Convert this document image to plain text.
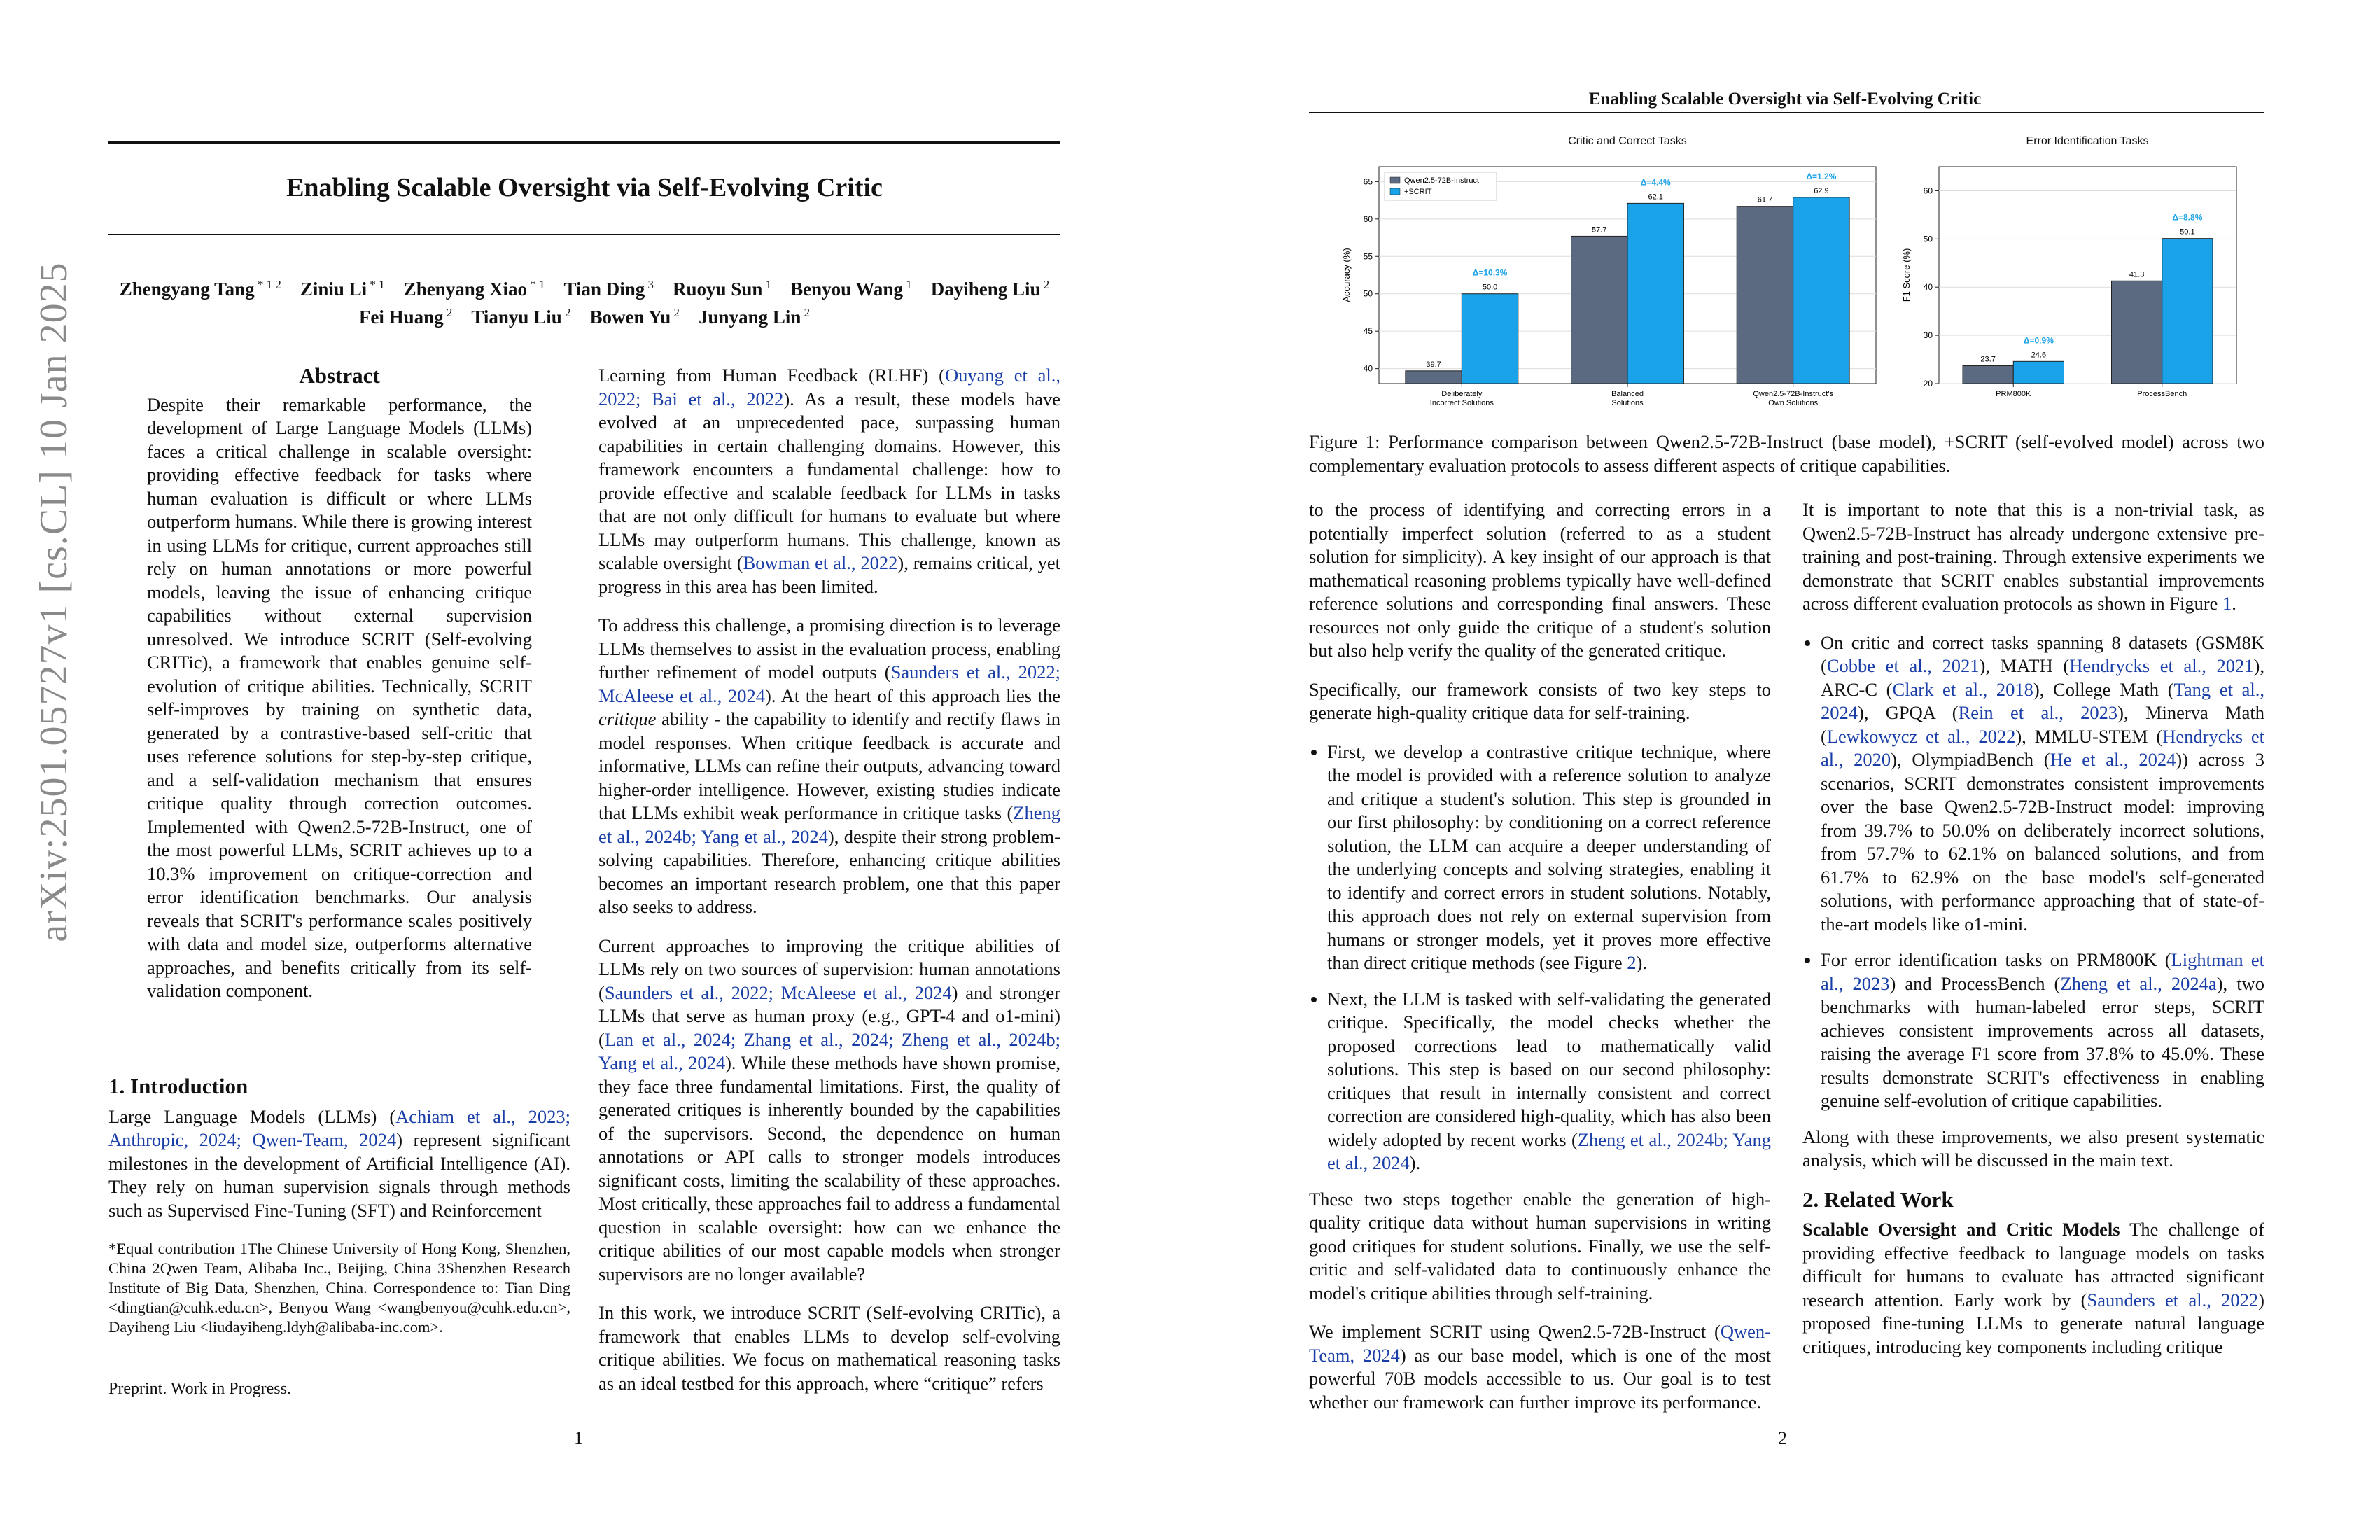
arXiv:2501.05727v1 [cs.CL] 10 Jan 2025
Enabling Scalable Oversight via Self-Evolving Critic
Zhengyang Tang $^{* 1 2}$  Ziniu Li $^{* 1}$  Zhenyang Xiao $^{* 1}$  Tian Ding $^3$  Ruoyu Sun $^1$  Benyou Wang $^1$  Dayiheng Liu $^2$
Fei Huang $^2$  Tianyu Liu $^2$  Bowen Yu $^2$  Junyang Lin $^2$
Abstract
Despite their remarkable performance, the development of Large Language Models (LLMs) faces a critical challenge in scalable oversight: providing effective feedback for tasks where human evaluation is difficult or where LLMs outperform humans. While there is growing interest in using LLMs for critique, current approaches still rely on human annotations or more powerful models, leaving the issue of enhancing critique capabilities without external supervision unresolved. We introduce SCRIT (Self-evolving CRITic), a framework that enables genuine self-evolution of critique abilities. Technically, SCRIT self-improves by training on synthetic data, generated by a contrastive-based self-critic that uses reference solutions for step-by-step critique, and a self-validation mechanism that ensures critique quality through correction outcomes. Implemented with Qwen2.5-72B-Instruct, one of the most powerful LLMs, SCRIT achieves up to a 10.3% improvement on critique-correction and error identification benchmarks. Our analysis reveals that SCRIT's performance scales positively with data and model size, outperforms alternative approaches, and benefits critically from its self-validation component.
1. Introduction

Large Language Models (LLMs) (Achiam et al., 2023; Anthropic, 2024; Qwen-Team, 2024) represent significant milestones in the development of Artificial Intelligence (AI). They rely on human supervision signals through methods such as Supervised Fine-Tuning (SFT) and Reinforcement

*Equal contribution 1The Chinese University of Hong Kong, Shenzhen, China 2Qwen Team, Alibaba Inc., Beijing, China 3Shenzhen Research Institute of Big Data, Shenzhen, China. Correspondence to: Tian Ding <dingtian@cuhk.edu.cn>, Benyou Wang <wangbenyou@cuhk.edu.cn>, Dayiheng Liu <liudayiheng.ldyh@alibaba-inc.com>.
Preprint. Work in Progress.

Learning from Human Feedback (RLHF) (Ouyang et al., 2022; Bai et al., 2022). As a result, these models have evolved at an unprecedented pace, surpassing human capabilities in certain challenging domains. However, this framework encounters a fundamental challenge: how to provide effective and scalable feedback for LLMs in tasks that are not only difficult for humans to evaluate but where LLMs may outperform humans. This challenge, known as scalable oversight (Bowman et al., 2022), remains critical, yet progress in this area has been limited.

To address this challenge, a promising direction is to leverage LLMs themselves to assist in the evaluation process, enabling further refinement of model outputs (Saunders et al., 2022; McAleese et al., 2024). At the heart of this approach lies the critique ability - the capability to identify and rectify flaws in model responses. When critique feedback is accurate and informative, LLMs can refine their outputs, advancing toward higher-order intelligence. However, existing studies indicate that LLMs exhibit weak performance in critique tasks (Zheng et al., 2024b; Yang et al., 2024), despite their strong problem-solving capabilities. Therefore, enhancing critique abilities becomes an important research problem, one that this paper also seeks to address.

Current approaches to improving the critique abilities of LLMs rely on two sources of supervision: human annotations (Saunders et al., 2022; McAleese et al., 2024) and stronger LLMs that serve as human proxy (e.g., GPT-4 and o1-mini) (Lan et al., 2024; Zhang et al., 2024; Zheng et al., 2024b; Yang et al., 2024). While these methods have shown promise, they face three fundamental limitations. First, the quality of generated critiques is inherently bounded by the capabilities of the supervisors. Second, the dependence on human annotations or API calls to stronger models introduces significant costs, limiting the scalability of these approaches. Most critically, these approaches fail to address a fundamental question in scalable oversight: how can we enhance the critique abilities of our most capable models when stronger supervisors are no longer available?

In this work, we introduce SCRIT (Self-evolving CRITic), a framework that enables LLMs to develop self-evolving critique abilities. We focus on mathematical reasoning tasks as an ideal testbed for this approach, where “critique” refers

1
Enabling Scalable Oversight via Self-Evolving Critic
Critic and Correct Tasks
40
45
50
55
60
65
Accuracy (%)
39.7
50.0
Δ=10.3%
Deliberately
Incorrect Solutions
57.7
62.1
Δ=4.4%
Balanced
Solutions
61.7
62.9
Δ=1.2%
Qwen2.5-72B-Instruct's
Own Solutions
Qwen2.5-72B-Instruct
+SCRIT
Error Identification Tasks
20
30
40
50
60
F1 Score (%)
23.7
24.6
Δ=0.9%
PRM800K
41.3
50.1
Δ=8.8%
ProcessBench
Figure 1: Performance comparison between Qwen2.5-72B-Instruct (base model), +SCRIT (self-evolved model) across two complementary evaluation protocols to assess different aspects of critique capabilities.

to the process of identifying and correcting errors in a potentially imperfect solution (referred to as a student solution for simplicity). A key insight of our approach is that mathematical reasoning problems typically have well-defined reference solutions and corresponding final answers. These resources not only guide the critique of a student's solution but also help verify the quality of the generated critique.

Specifically, our framework consists of two key steps to generate high-quality critique data for self-training.

• First, we develop a contrastive critique technique, where the model is provided with a reference solution to analyze and critique a student's solution. This step is grounded in our first philosophy: by conditioning on a correct reference solution, the LLM can acquire a deeper understanding of the underlying concepts and solving strategies, enabling it to identify and correct errors in student solutions. Notably, this approach does not rely on external supervision from humans or stronger models, yet it proves more effective than direct critique methods (see Figure 2).
• Next, the LLM is tasked with self-validating the generated critique. Specifically, the model checks whether the proposed corrections lead to mathematically valid solutions. This step is based on our second philosophy: critiques that result in internally consistent and correct correction are considered high-quality, which has also been widely adopted by recent works (Zheng et al., 2024b; Yang et al., 2024).

These two steps together enable the generation of high-quality critique data without human supervisions in writing good critiques for student solutions. Finally, we use the self-critic and self-validated data to continuously enhance the model's critique abilities through self-training.

We implement SCRIT using Qwen2.5-72B-Instruct (Qwen-Team, 2024) as our base model, which is one of the most powerful 70B models accessible to us. Our goal is to test whether our framework can further improve its performance.

It is important to note that this is a non-trivial task, as Qwen2.5-72B-Instruct has already undergone extensive pre-training and post-training. Through extensive experiments we demonstrate that SCRIT enables substantial improvements across different evaluation protocols as shown in Figure 1.

• On critic and correct tasks spanning 8 datasets (GSM8K (Cobbe et al., 2021), MATH (Hendrycks et al., 2021), ARC-C (Clark et al., 2018), College Math (Tang et al., 2024), GPQA (Rein et al., 2023), Minerva Math (Lewkowycz et al., 2022), MMLU-STEM (Hendrycks et al., 2020), OlympiadBench (He et al., 2024)) across 3 scenarios, SCRIT demonstrates consistent improvements over the base Qwen2.5-72B-Instruct model: improving from 39.7% to 50.0% on deliberately incorrect solutions, from 57.7% to 62.1% on balanced solutions, and from 61.7% to 62.9% on the base model's self-generated solutions, with performance approaching that of state-of-the-art models like o1-mini.
• For error identification tasks on PRM800K (Lightman et al., 2023) and ProcessBench (Zheng et al., 2024a), two benchmarks with human-labeled error steps, SCRIT achieves consistent improvements across all datasets, raising the average F1 score from 37.8% to 45.0%. These results demonstrate SCRIT's effectiveness in enabling genuine self-evolution of critique capabilities.

Along with these improvements, we also present systematic analysis, which will be discussed in the main text.

2. Related Work

Scalable Oversight and Critic Models The challenge of providing effective feedback to language models on tasks difficult for humans to evaluate has attracted significant research attention. Early work by (Saunders et al., 2022) proposed fine-tuning LLMs to generate natural language critiques, introducing key components including critique

2
